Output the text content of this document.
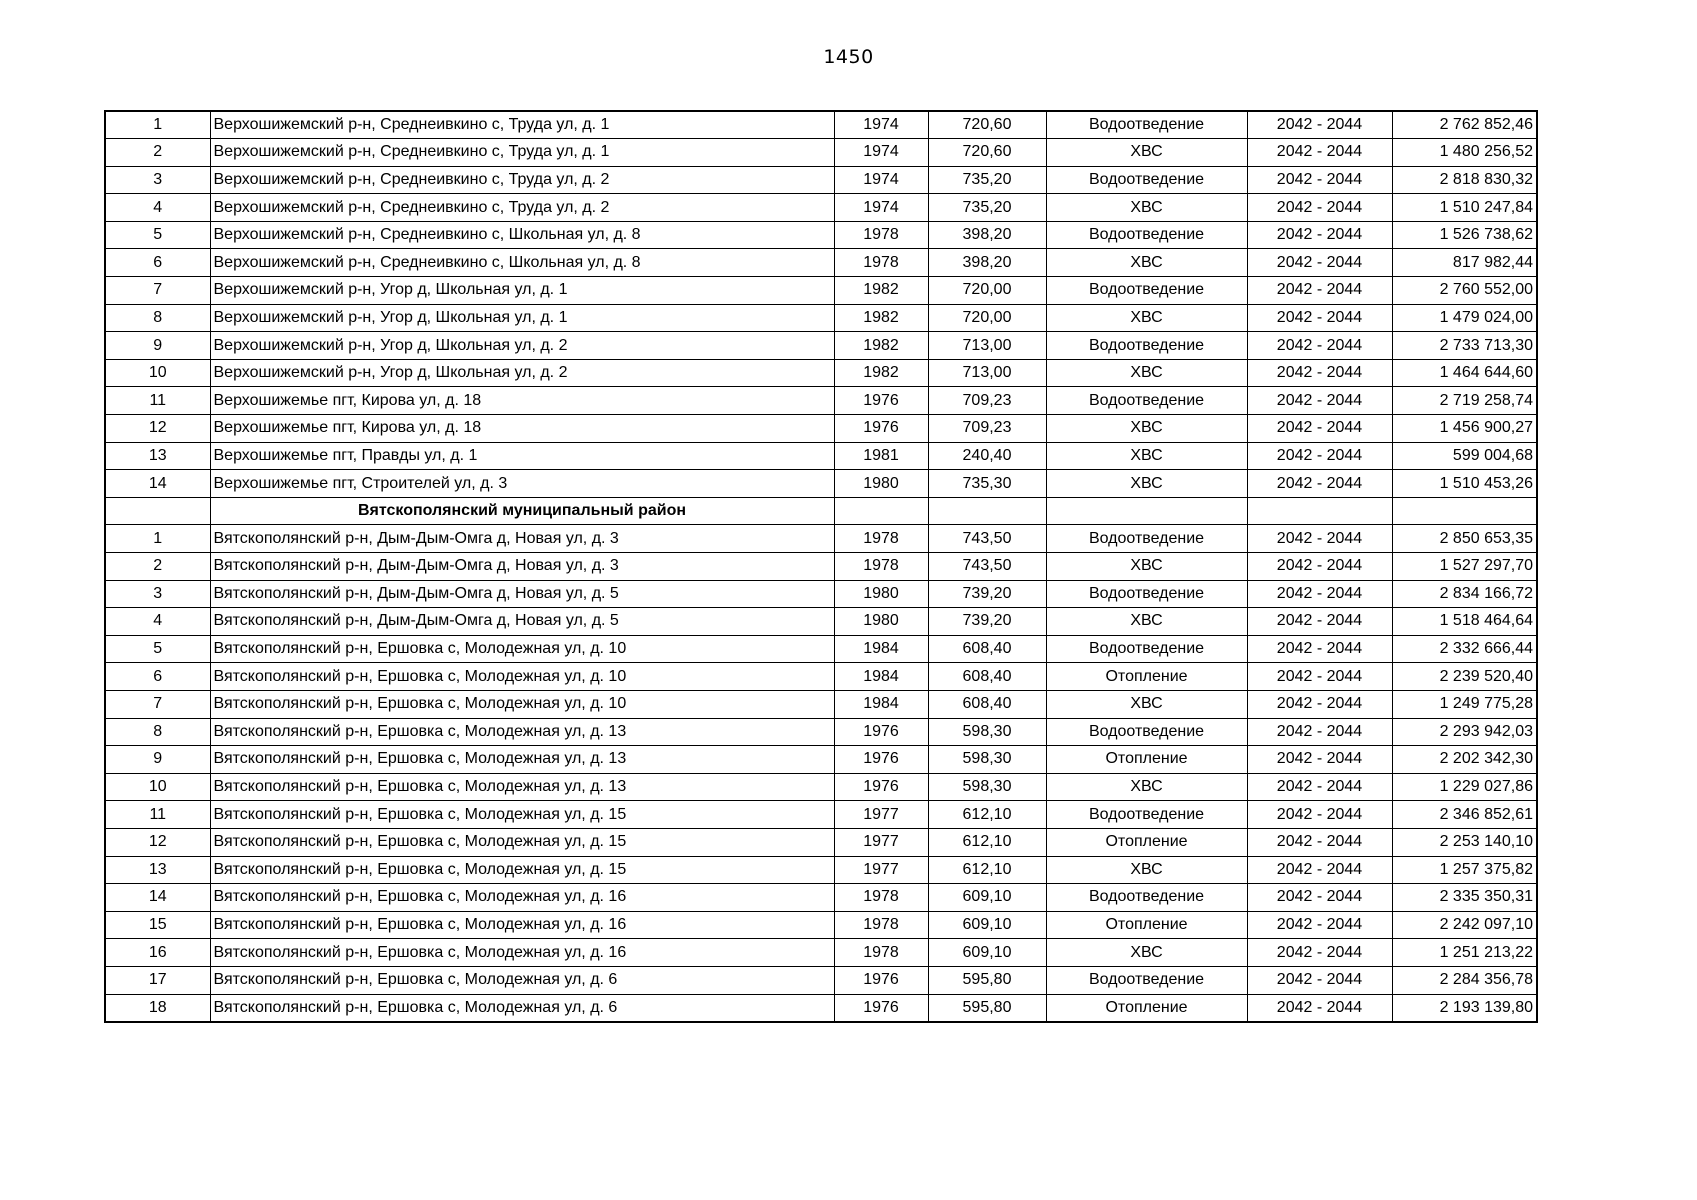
1450
1	Верхошижемский р-н, Среднеивкино с, Труда ул, д. 1	1974	720,60	Водоотведение	2042 - 2044	2 762 852,46
2	Верхошижемский р-н, Среднеивкино с, Труда ул, д. 1	1974	720,60	ХВС	2042 - 2044	1 480 256,52
3	Верхошижемский р-н, Среднеивкино с, Труда ул, д. 2	1974	735,20	Водоотведение	2042 - 2044	2 818 830,32
4	Верхошижемский р-н, Среднеивкино с, Труда ул, д. 2	1974	735,20	ХВС	2042 - 2044	1 510 247,84
5	Верхошижемский р-н, Среднеивкино с, Школьная ул, д. 8	1978	398,20	Водоотведение	2042 - 2044	1 526 738,62
6	Верхошижемский р-н, Среднеивкино с, Школьная ул, д. 8	1978	398,20	ХВС	2042 - 2044	817 982,44
7	Верхошижемский р-н, Угор д, Школьная ул, д. 1	1982	720,00	Водоотведение	2042 - 2044	2 760 552,00
8	Верхошижемский р-н, Угор д, Школьная ул, д. 1	1982	720,00	ХВС	2042 - 2044	1 479 024,00
9	Верхошижемский р-н, Угор д, Школьная ул, д. 2	1982	713,00	Водоотведение	2042 - 2044	2 733 713,30
10	Верхошижемский р-н, Угор д, Школьная ул, д. 2	1982	713,00	ХВС	2042 - 2044	1 464 644,60
11	Верхошижемье пгт, Кирова ул, д. 18	1976	709,23	Водоотведение	2042 - 2044	2 719 258,74
12	Верхошижемье пгт, Кирова ул, д. 18	1976	709,23	ХВС	2042 - 2044	1 456 900,27
13	Верхошижемье пгт, Правды ул, д. 1	1981	240,40	ХВС	2042 - 2044	599 004,68
14	Верхошижемье пгт, Строителей ул, д. 3	1980	735,30	ХВС	2042 - 2044	1 510 453,26
	Вятскополянский муниципальный район					
1	Вятскополянский р-н, Дым-Дым-Омга д, Новая ул, д. 3	1978	743,50	Водоотведение	2042 - 2044	2 850 653,35
2	Вятскополянский р-н, Дым-Дым-Омга д, Новая ул, д. 3	1978	743,50	ХВС	2042 - 2044	1 527 297,70
3	Вятскополянский р-н, Дым-Дым-Омга д, Новая ул, д. 5	1980	739,20	Водоотведение	2042 - 2044	2 834 166,72
4	Вятскополянский р-н, Дым-Дым-Омга д, Новая ул, д. 5	1980	739,20	ХВС	2042 - 2044	1 518 464,64
5	Вятскополянский р-н, Ершовка с, Молодежная ул, д. 10	1984	608,40	Водоотведение	2042 - 2044	2 332 666,44
6	Вятскополянский р-н, Ершовка с, Молодежная ул, д. 10	1984	608,40	Отопление	2042 - 2044	2 239 520,40
7	Вятскополянский р-н, Ершовка с, Молодежная ул, д. 10	1984	608,40	ХВС	2042 - 2044	1 249 775,28
8	Вятскополянский р-н, Ершовка с, Молодежная ул, д. 13	1976	598,30	Водоотведение	2042 - 2044	2 293 942,03
9	Вятскополянский р-н, Ершовка с, Молодежная ул, д. 13	1976	598,30	Отопление	2042 - 2044	2 202 342,30
10	Вятскополянский р-н, Ершовка с, Молодежная ул, д. 13	1976	598,30	ХВС	2042 - 2044	1 229 027,86
11	Вятскополянский р-н, Ершовка с, Молодежная ул, д. 15	1977	612,10	Водоотведение	2042 - 2044	2 346 852,61
12	Вятскополянский р-н, Ершовка с, Молодежная ул, д. 15	1977	612,10	Отопление	2042 - 2044	2 253 140,10
13	Вятскополянский р-н, Ершовка с, Молодежная ул, д. 15	1977	612,10	ХВС	2042 - 2044	1 257 375,82
14	Вятскополянский р-н, Ершовка с, Молодежная ул, д. 16	1978	609,10	Водоотведение	2042 - 2044	2 335 350,31
15	Вятскополянский р-н, Ершовка с, Молодежная ул, д. 16	1978	609,10	Отопление	2042 - 2044	2 242 097,10
16	Вятскополянский р-н, Ершовка с, Молодежная ул, д. 16	1978	609,10	ХВС	2042 - 2044	1 251 213,22
17	Вятскополянский р-н, Ершовка с, Молодежная ул, д. 6	1976	595,80	Водоотведение	2042 - 2044	2 284 356,78
18	Вятскополянский р-н, Ершовка с, Молодежная ул, д. 6	1976	595,80	Отопление	2042 - 2044	2 193 139,80
